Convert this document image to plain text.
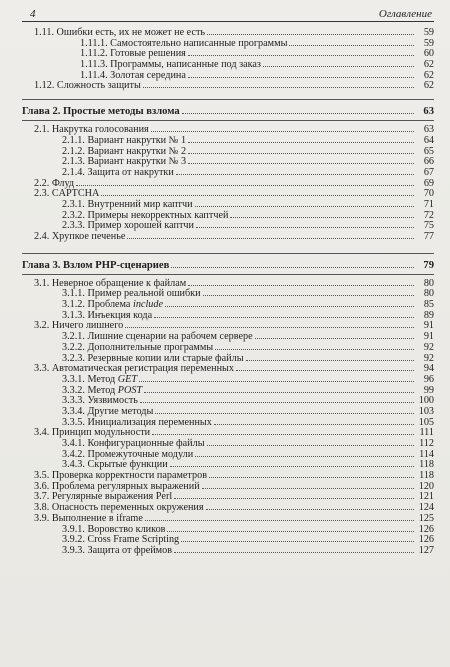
4	Оглавление
1.11. Ошибки есть, их не может не есть	59
1.11.1. Самостоятельно написанные программы	59
1.11.2. Готовые решения	60
1.11.3. Программы, написанные под заказ	62
1.11.4. Золотая середина	62
1.12. Сложность защиты	62
Глава 2. Простые методы взлома	63
2.1. Накрутка голосования	63
2.1.1. Вариант накрутки № 1	64
2.1.2. Вариант накрутки № 2	65
2.1.3. Вариант накрутки № 3	66
2.1.4. Защита от накрутки	67
2.2. Флуд	69
2.3. CAPTCHA	70
2.3.1. Внутренний мир каптчи	71
2.3.2. Примеры некорректных каптчей	72
2.3.3. Пример хорошей каптчи	75
2.4. Хрупкое печенье	77
Глава 3. Взлом PHP-сценариев	79
3.1. Неверное обращение к файлам	80
3.1.1. Пример реальной ошибки	80
3.1.2. Проблема include	85
3.1.3. Инъекция кода	89
3.2. Ничего лишнего	91
3.2.1. Лишние сценарии на рабочем сервере	91
3.2.2. Дополнительные программы	92
3.2.3. Резервные копии или старые файлы	92
3.3. Автоматическая регистрация переменных	94
3.3.1. Метод GET	96
3.3.2. Метод POST	99
3.3.3. Уязвимость	100
3.3.4. Другие методы	103
3.3.5. Инициализация переменных	105
3.4. Принцип модульности	111
3.4.1. Конфигурационные файлы	112
3.4.2. Промежуточные модули	114
3.4.3. Скрытые функции	118
3.5. Проверка корректности параметров	118
3.6. Проблема регулярных выражений	120
3.7. Регулярные выражения Perl	121
3.8. Опасность переменных окружения	124
3.9. Выполнение в iframe	125
3.9.1. Воровство кликов	126
3.9.2. Cross Frame Scripting	126
3.9.3. Защита от фреймов	127
